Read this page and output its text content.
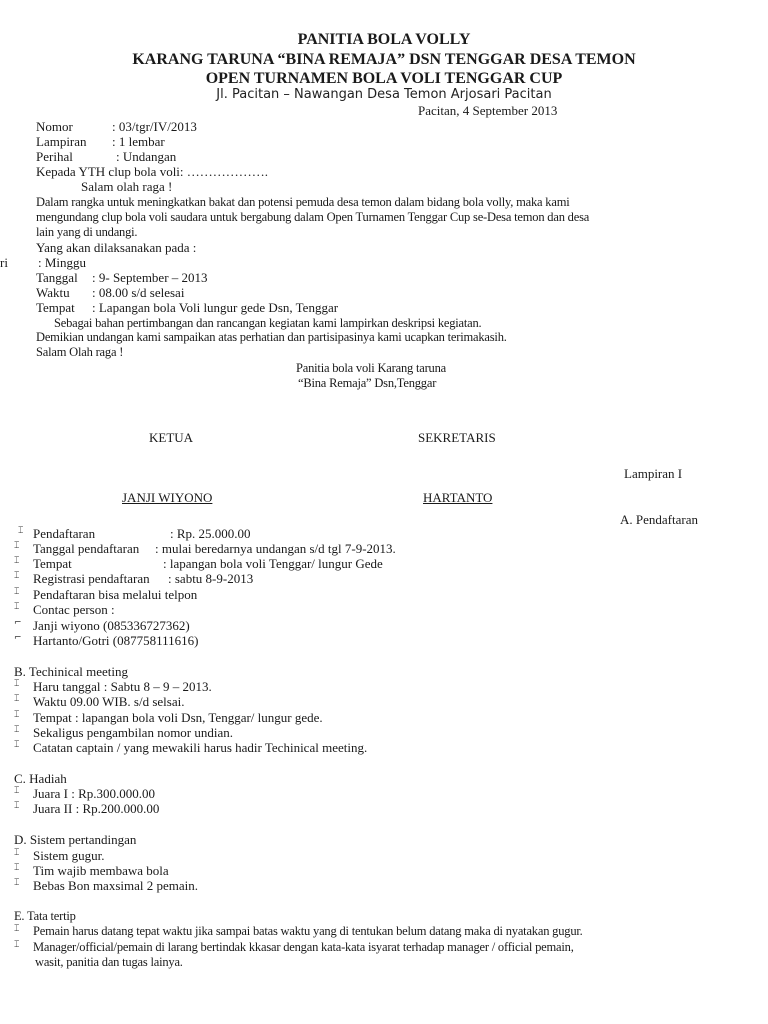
PANITIA BOLA VOLLY
KARANG TARUNA “BINA REMAJA” DSN TENGGAR DESA TEMON
OPEN TURNAMEN BOLA VOLI TENGGAR CUP
Jl. Pacitan – Nawangan Desa Temon Arjosari Pacitan
Pacitan, 4 September 2013
Nomor	: 03/tgr/IV/2013
Lampiran : 1 lembar
Perihal	: Undangan
Kepada YTH clup bola voli: ……………….
Salam olah raga !
Dalam rangka untuk meningkatkan bakat dan potensi pemuda desa temon dalam bidang bola volly, maka kami
mengundang clup bola voli saudara untuk bergabung dalam Open Turnamen Tenggar Cup se-Desa temon dan desa
lain yang di undangi.
Yang akan dilaksanakan pada :
ri : Minggu
Tanggal : 9- September – 2013
Waktu : 08.00 s/d selesai
Tempat : Lapangan bola Voli lungur gede Dsn, Tenggar
Sebagai bahan pertimbangan dan rancangan kegiatan kami lampirkan deskripsi kegiatan.
Demikian undangan kami sampaikan atas perhatian dan partisipasinya kami ucapkan terimakasih.
Salam Olah raga !
Panitia bola voli Karang taruna
“Bina Remaja” Dsn,Tenggar
KETUA	SEKRETARIS
Lampiran I
JANJI WIYONO	HARTANTO
A. Pendaftaran
⌶ Pendaftaran	: Rp. 25.000.00
⌶ Tanggal pendaftaran : mulai beredarnya undangan s/d tgl 7-9-2013.
⌶ Tempat	: lapangan bola voli Tenggar/ lungur Gede
⌶ Registrasi pendaftaran : sabtu 8-9-2013
⌶ Pendaftaran bisa melalui telpon
⌶ Contac person :
⌐ Janji wiyono (085336727362)
⌐ Hartanto/Gotri (087758111616)
B. Techinical meeting
⌶ Haru tanggal : Sabtu 8 – 9 – 2013.
⌶ Waktu 09.00 WIB. s/d selsai.
⌶ Tempat : lapangan bola voli Dsn, Tenggar/ lungur gede.
⌶ Sekaligus pengambilan nomor undian.
⌶ Catatan captain / yang mewakili harus hadir Techinical meeting.
C. Hadiah
⌶ Juara I : Rp.300.000.00
⌶ Juara II : Rp.200.000.00
D. Sistem pertandingan
⌶ Sistem gugur.
⌶ Tim wajib membawa bola
⌶ Bebas Bon maxsimal 2 pemain.
E. Tata tertip
⌶ Pemain harus datang tepat waktu jika sampai batas waktu yang di tentukan belum datang maka di nyatakan gugur.
⌶ Manager/official/pemain di larang bertindak kkasar dengan kata-kata isyarat terhadap manager / official pemain,
wasit, panitia dan tugas lainya.
